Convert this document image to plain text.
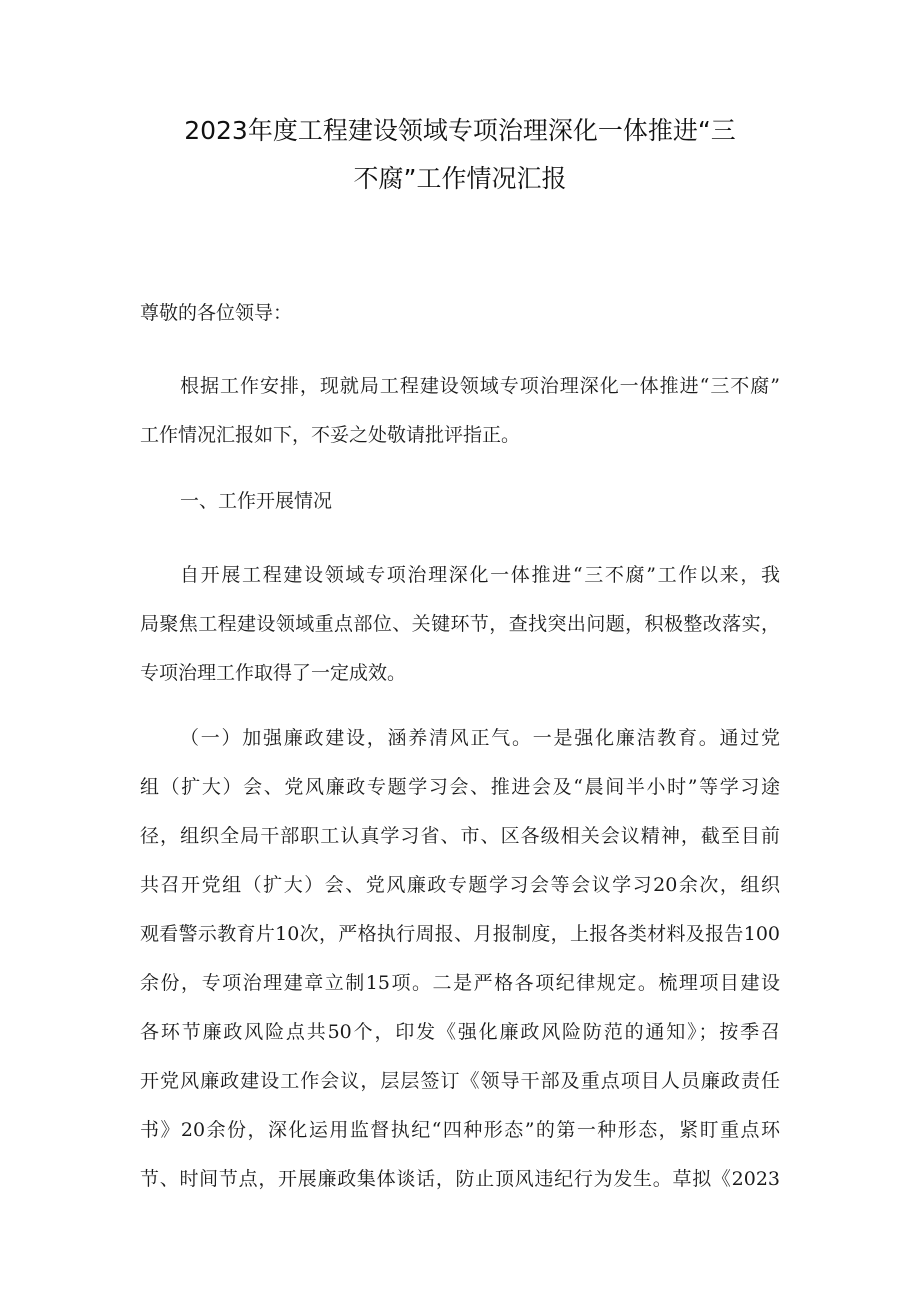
2023年度工程建设领域专项治理深化一体推进“三
不腐”工作情况汇报
尊敬的各位领导：
根据工作安排，现就局工程建设领域专项治理深化一体推进“三不腐”
工作情况汇报如下，不妥之处敬请批评指正。
一、工作开展情况
自开展工程建设领域专项治理深化一体推进“三不腐”工作以来，我
局聚焦工程建设领域重点部位、关键环节，查找突出问题，积极整改落实，
专项治理工作取得了一定成效。
（一）加强廉政建设，涵养清风正气。一是强化廉洁教育。通过党
组（扩大）会、党风廉政专题学习会、推进会及“晨间半小时”等学习途
径，组织全局干部职工认真学习省、市、区各级相关会议精神，截至目前
共召开党组（扩大）会、党风廉政专题学习会等会议学习20余次，组织
观看警示教育片10次，严格执行周报、月报制度，上报各类材料及报告100
余份，专项治理建章立制15项。二是严格各项纪律规定。梳理项目建设
各环节廉政风险点共50个，印发《强化廉政风险防范的通知》；按季召
开党风廉政建设工作会议，层层签订《领导干部及重点项目人员廉政责任
书》20余份，深化运用监督执纪“四种形态”的第一种形态，紧盯重点环
节、时间节点，开展廉政集体谈话，防止顶风违纪行为发生。草拟《2023
